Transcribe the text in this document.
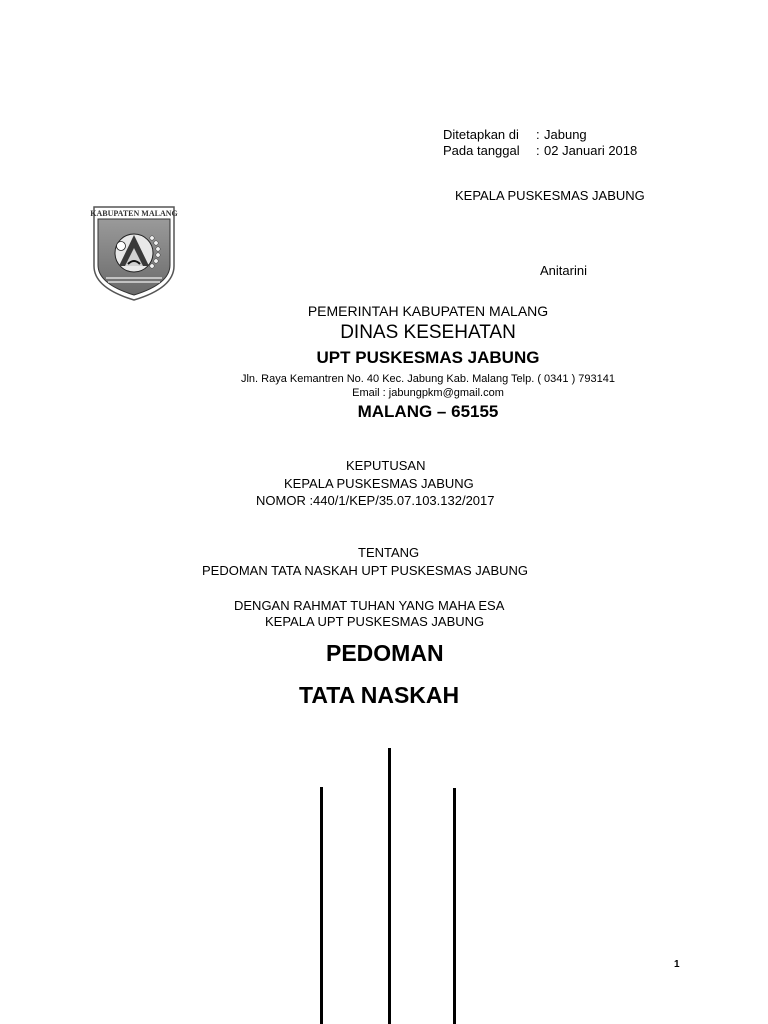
Ditetapkan di : Jabung
Pada tanggal : 02 Januari 2018
KEPALA PUSKESMAS JABUNG
Anitarini
KABUPATEN MALANG
PEMERINTAH KABUPATEN MALANG
DINAS KESEHATAN
UPT PUSKESMAS JABUNG
Jln. Raya Kemantren No. 40 Kec. Jabung Kab. Malang Telp. ( 0341 ) 793141
Email : jabungpkm@gmail.com
MALANG – 65155
KEPUTUSAN
KEPALA PUSKESMAS JABUNG
NOMOR :440/1/KEP/35.07.103.132/2017
TENTANG
PEDOMAN TATA NASKAH UPT PUSKESMAS JABUNG
DENGAN RAHMAT TUHAN YANG MAHA ESA
KEPALA UPT PUSKESMAS JABUNG
PEDOMAN
TATA NASKAH
1
